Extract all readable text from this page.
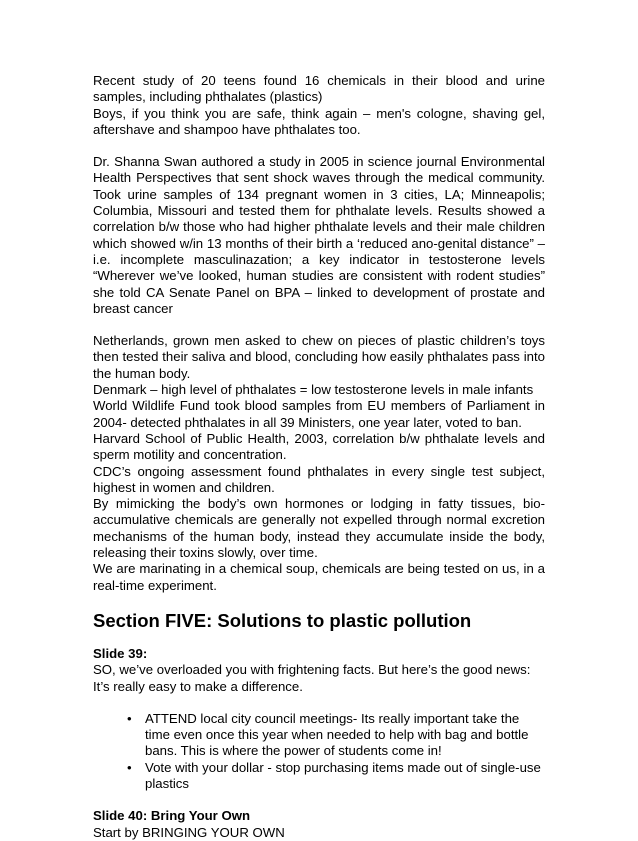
Recent study of 20 teens found 16 chemicals in their blood and urine samples, including phthalates (plastics)

Boys, if you think you are safe, think again – men's cologne, shaving gel, aftershave and shampoo have phthalates too.

Dr. Shanna Swan authored a study in 2005 in science journal Environmental Health Perspectives that sent shock waves through the medical community. Took urine samples of 134 pregnant women in 3 cities, LA; Minneapolis; Columbia, Missouri and tested them for phthalate levels. Results showed a correlation b/w those who had higher phthalate levels and their male children which showed w/in 13 months of their birth a ‘reduced ano-genital distance” – i.e. incomplete masculinazation; a key indicator in testosterone levels “Wherever we’ve looked, human studies are consistent with rodent studies” she told CA Senate Panel on BPA – linked to development of prostate and breast cancer

Netherlands, grown men asked to chew on pieces of plastic children’s toys then tested their saliva and blood, concluding how easily phthalates pass into the human body.

Denmark – high level of phthalates = low testosterone levels in male infants

World Wildlife Fund took blood samples from EU members of Parliament in 2004- detected phthalates in all 39 Ministers, one year later, voted to ban.

Harvard School of Public Health, 2003, correlation b/w phthalate levels and sperm motility and concentration.

CDC’s ongoing assessment found phthalates in every single test subject, highest in women and children.

By mimicking the body’s own hormones or lodging in fatty tissues, bio-accumulative chemicals are generally not expelled through normal excretion mechanisms of the human body, instead they accumulate inside the body, releasing their toxins slowly, over time.

We are marinating in a chemical soup, chemicals are being tested on us, in a real-time experiment.

Section FIVE: Solutions to plastic pollution

Slide 39:

SO, we’ve overloaded you with frightening facts. But here’s the good news:

It’s really easy to make a difference.

• ATTEND local city council meetings- Its really important take the time even once this year when needed to help with bag and bottle bans. This is where the power of students come in!
• Vote with your dollar - stop purchasing items made out of single-use plastics

Slide 40: Bring Your Own

Start by BRINGING YOUR OWN
